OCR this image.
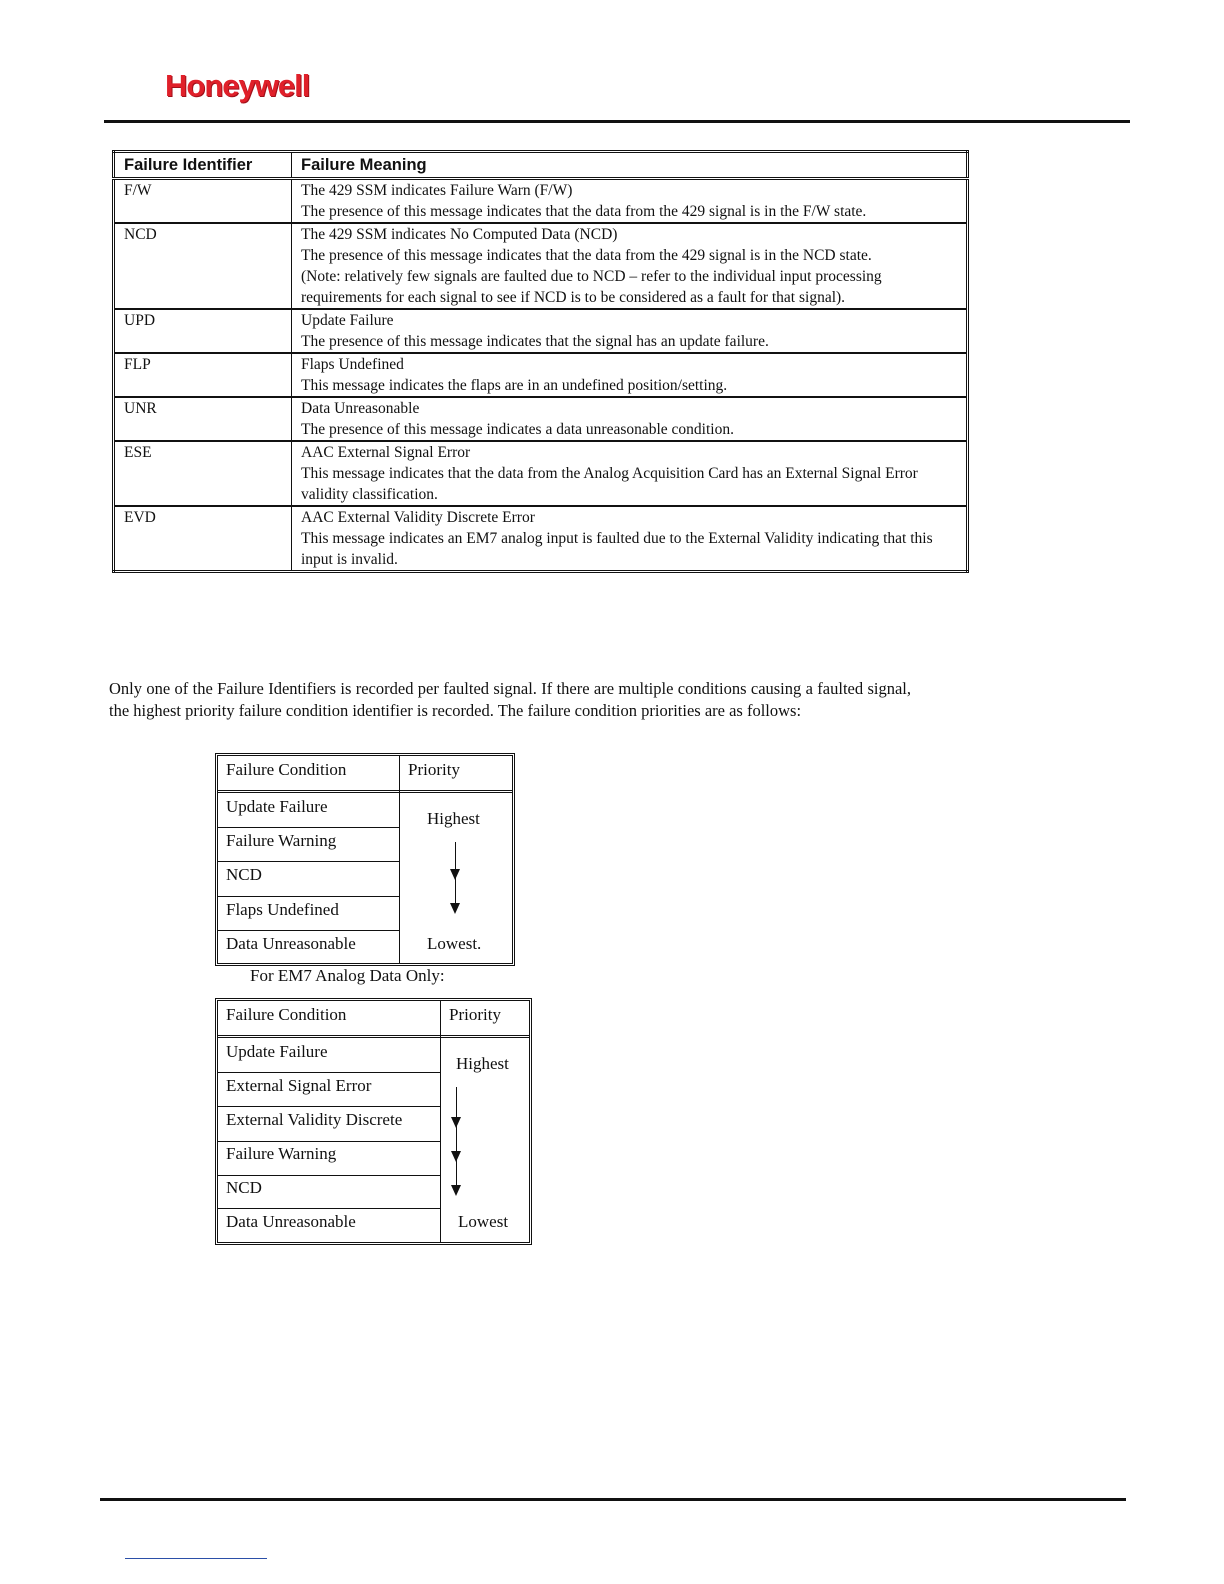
Honeywell
Failure Identifier	Failure Meaning
F/W	The 429 SSM indicates Failure Warn (F/W)
The presence of this message indicates that the data from the 429 signal is in the F/W state.

NCD	The 429 SSM indicates No Computed Data (NCD)
The presence of this message indicates that the data from the 429 signal is in the NCD state.
(Note: relatively few signals are faulted due to NCD – refer to the individual input processing requirements for each signal to see if NCD is to be considered as a fault for that signal).

UPD	Update Failure
The presence of this message indicates that the signal has an update failure.

FLP	Flaps Undefined
This message indicates the flaps are in an undefined position/setting.

UNR	Data Unreasonable
The presence of this message indicates a data unreasonable condition.

ESE	AAC External Signal Error
This message indicates that the data from the Analog Acquisition Card has an External Signal Error validity classification.

EVD	AAC External Validity Discrete Error
This message indicates an EM7 analog input is faulted due to the External Validity indicating that this input is invalid.
Only one of the Failure Identifiers is recorded per faulted signal. If there are multiple conditions causing a faulted signal, the highest priority failure condition identifier is recorded. The failure condition priorities are as follows:
Failure Condition	Priority
Update Failure
Failure Warning
NCD
Flaps Undefined
Data Unreasonable
Highest
Lowest.
For EM7 Analog Data Only:
Failure Condition	Priority
Update Failure
External Signal Error
External Validity Discrete
Failure Warning
NCD
Data Unreasonable
Highest
Lowest
